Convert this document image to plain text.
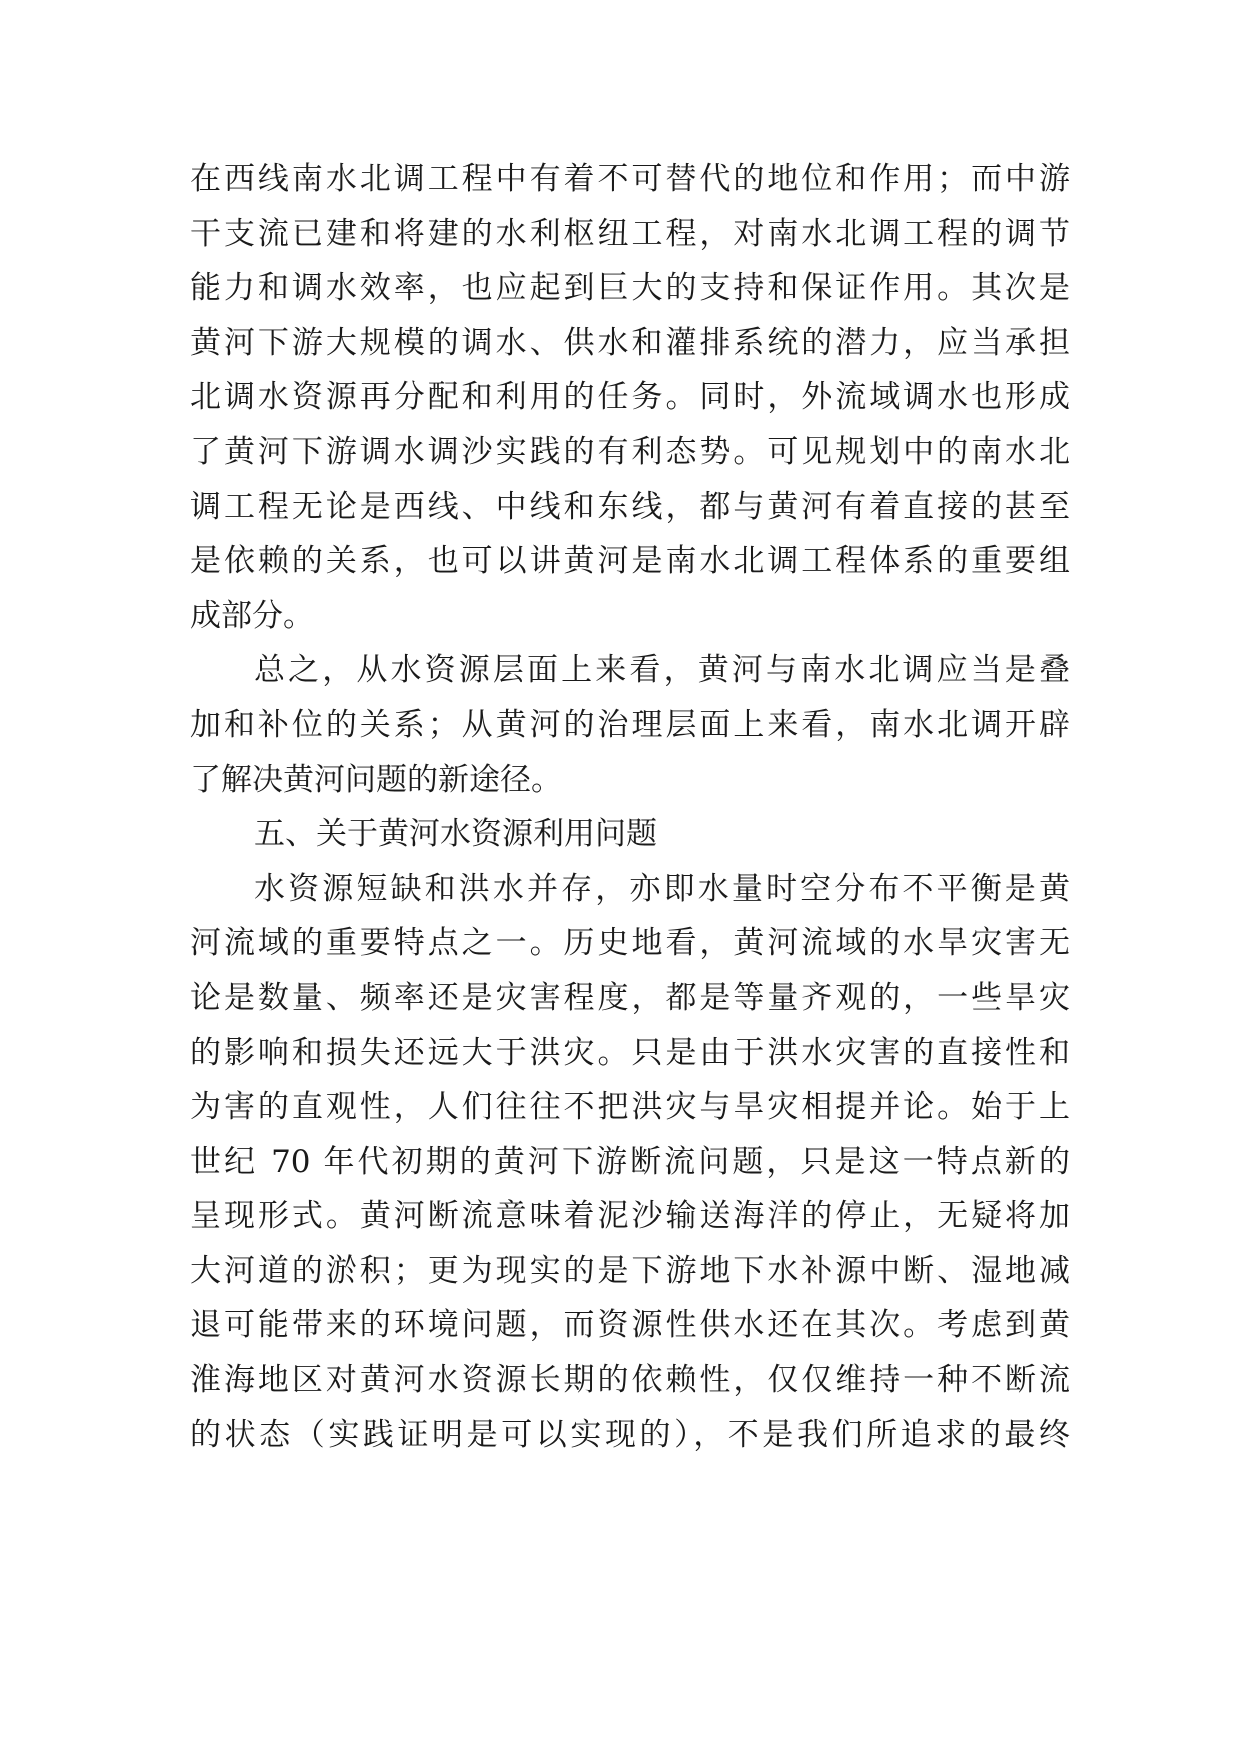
在西线南水北调工程中有着不可替代的地位和作用；而中游
干支流已建和将建的水利枢纽工程，对南水北调工程的调节
能力和调水效率，也应起到巨大的支持和保证作用。其次是
黄河下游大规模的调水、供水和灌排系统的潜力，应当承担
北调水资源再分配和利用的任务。同时，外流域调水也形成
了黄河下游调水调沙实践的有利态势。可见规划中的南水北
调工程无论是西线、中线和东线，都与黄河有着直接的甚至
是依赖的关系，也可以讲黄河是南水北调工程体系的重要组
成部分。
总之，从水资源层面上来看，黄河与南水北调应当是叠
加和补位的关系；从黄河的治理层面上来看，南水北调开辟
了解决黄河问题的新途径。
五、关于黄河水资源利用问题
水资源短缺和洪水并存，亦即水量时空分布不平衡是黄
河流域的重要特点之一。历史地看，黄河流域的水旱灾害无
论是数量、频率还是灾害程度，都是等量齐观的，一些旱灾
的影响和损失还远大于洪灾。只是由于洪水灾害的直接性和
为害的直观性，人们往往不把洪灾与旱灾相提并论。始于上
世纪 70 年代初期的黄河下游断流问题，只是这一特点新的
呈现形式。黄河断流意味着泥沙输送海洋的停止，无疑将加
大河道的淤积；更为现实的是下游地下水补源中断、湿地减
退可能带来的环境问题，而资源性供水还在其次。考虑到黄
淮海地区对黄河水资源长期的依赖性，仅仅维持一种不断流
的状态（实践证明是可以实现的），不是我们所追求的最终
